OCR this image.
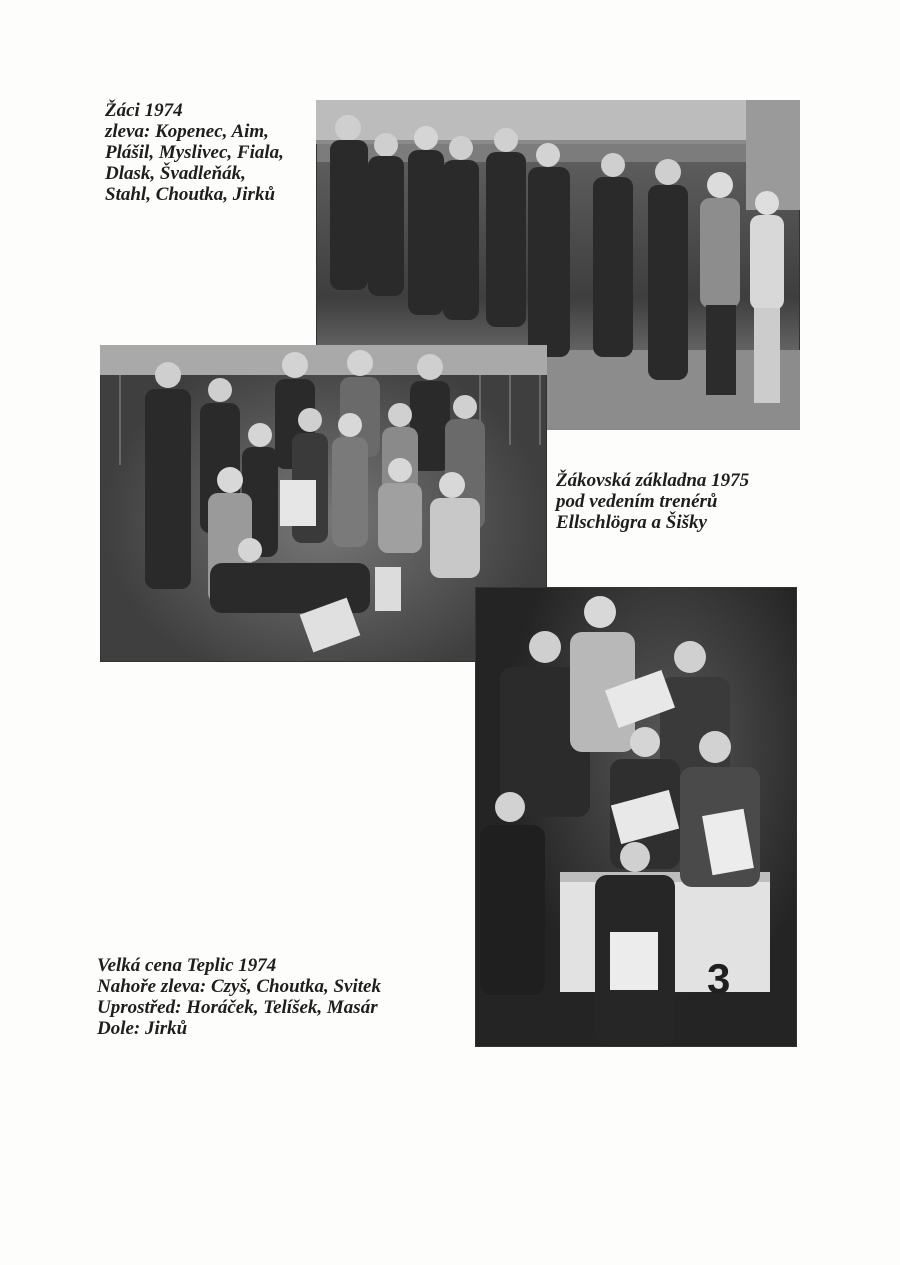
Žáci 1974
zleva: Kopenec, Aim,
Plášil, Myslivec, Fiala,
Dlask, Švadleňák,
Stahl, Choutka, Jirků
Žákovská základna 1975
pod vedením trenérů
Ellschlögra a Šišky
3
Velká cena Teplic 1974
Nahoře zleva: Czyš, Choutka, Svitek
Uprostřed: Horáček, Telíšek, Masár
Dole: Jirků
